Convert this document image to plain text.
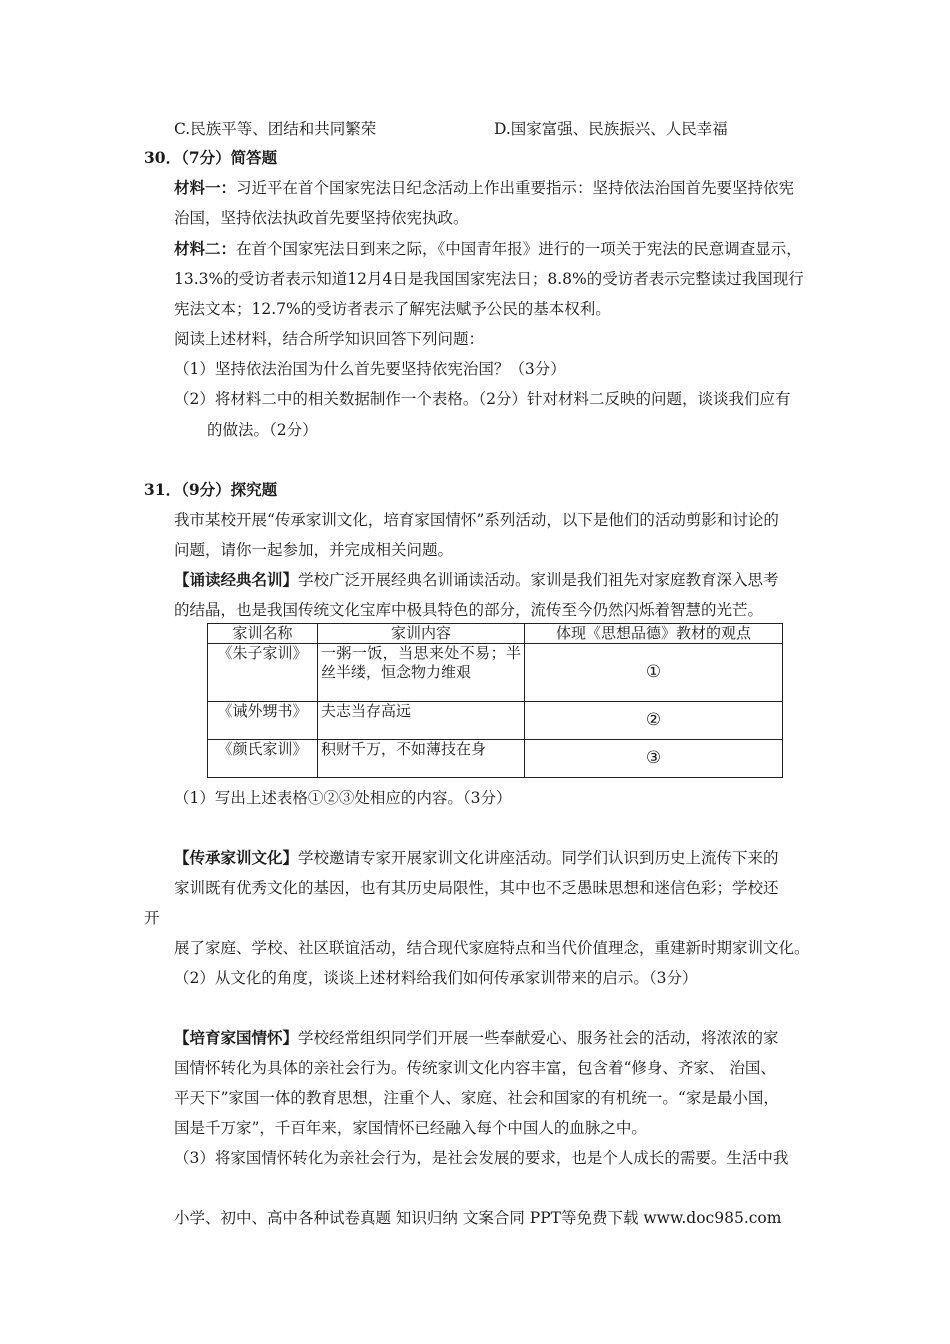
C.民族平等、团结和共同繁荣	D.国家富强、民族振兴、人民幸福
30．（7分）简答题
材料一：习近平在首个国家宪法日纪念活动上作出重要指示：坚持依法治国首先要坚持依宪
治国，坚持依法执政首先要坚持依宪执政。
材料二：在首个国家宪法日到来之际，《中国青年报》进行的一项关于宪法的民意调查显示，
13.3%的受访者表示知道12月4日是我国国家宪法日；8.8%的受访者表示完整读过我国现行
宪法文本；12.7%的受访者表示了解宪法赋予公民的基本权利。
阅读上述材料，结合所学知识回答下列问题：
（1）坚持依法治国为什么首先要坚持依宪治国？（3分）
（2）将材料二中的相关数据制作一个表格。（2分）针对材料二反映的问题，谈谈我们应有
的做法。（2分）
31．（9分）探究题
我市某校开展“传承家训文化，培育家国情怀”系列活动，以下是他们的活动剪影和讨论的
问题，请你一起参加，并完成相关问题。
【诵读经典名训】学校广泛开展经典名训诵读活动。家训是我们祖先对家庭教育深入思考
的结晶，也是我国传统文化宝库中极具特色的部分，流传至今仍然闪烁着智慧的光芒。
家训名称	家训内容	体现《思想品德》教材的观点
《朱子家训》	一粥一饭，当思来处不易；半丝半缕，恒念物力维艰	①
《诫外甥书》	夫志当存高远	②
《颜氏家训》	积财千万，不如薄技在身	③
（1）写出上述表格①②③处相应的内容。（3分）
【传承家训文化】学校邀请专家开展家训文化讲座活动。同学们认识到历史上流传下来的
家训既有优秀文化的基因，也有其历史局限性，其中也不乏愚昧思想和迷信色彩；学校还
开
展了家庭、学校、社区联谊活动，结合现代家庭特点和当代价值理念，重建新时期家训文化。
（2）从文化的角度，谈谈上述材料给我们如何传承家训带来的启示。（3分）
【培育家国情怀】学校经常组织同学们开展一些奉献爱心、服务社会的活动，将浓浓的家
国情怀转化为具体的亲社会行为。传统家训文化内容丰富，包含着“修身、齐家、 治国、
平天下”家国一体的教育思想，注重个人、家庭、社会和国家的有机统一。“家是最小国，
国是千万家”，千百年来，家国情怀已经融入每个中国人的血脉之中。
（3）将家国情怀转化为亲社会行为，是社会发展的要求，也是个人成长的需要。生活中我
小学、初中、高中各种试卷真题 知识归纳 文案合同 PPT等免费下载 www.doc985.com
